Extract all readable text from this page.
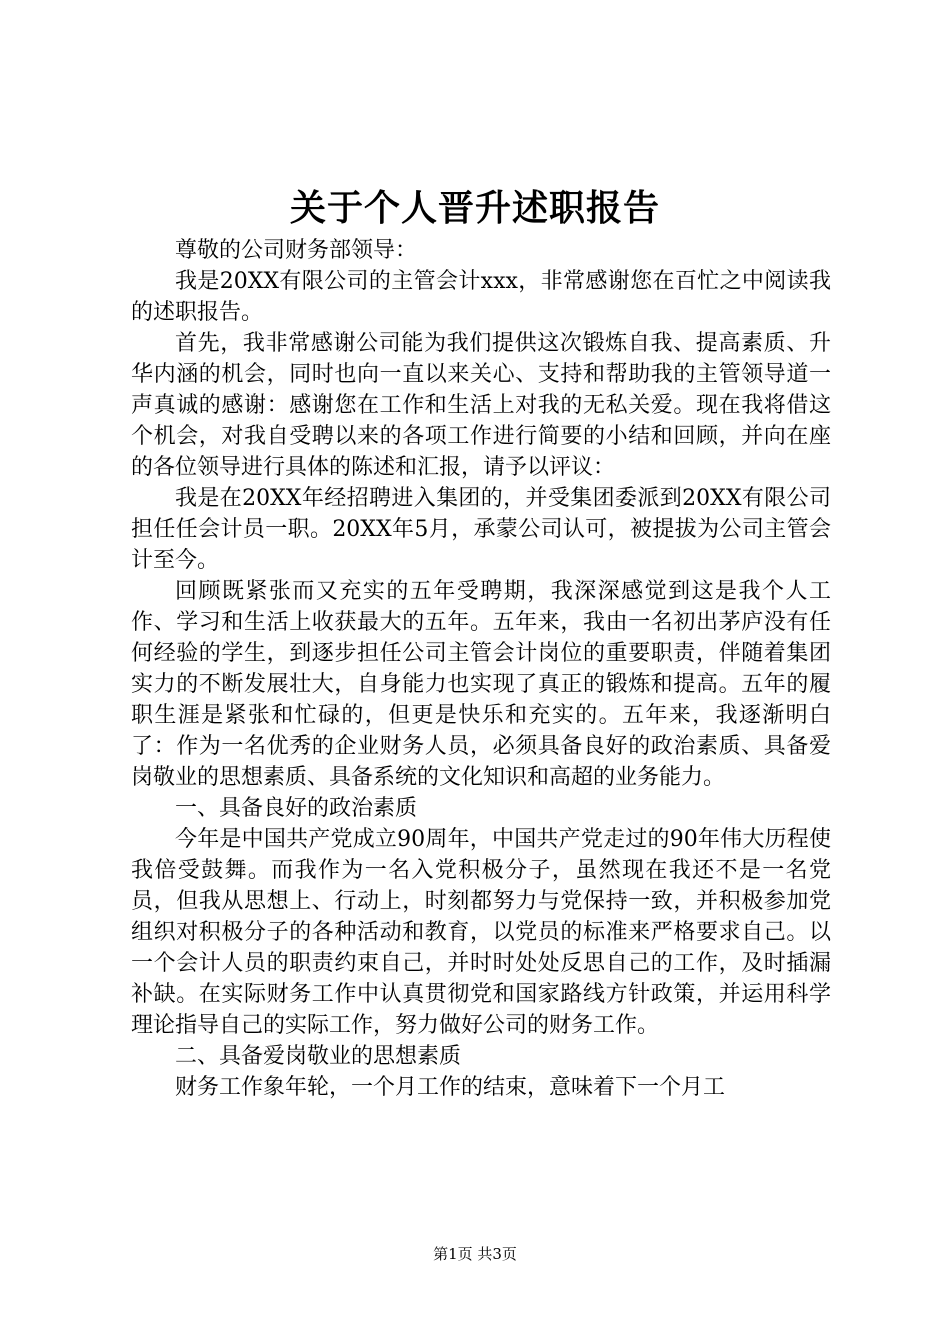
关于个人晋升述职报告

尊敬的公司财务部领导：

我是20XX有限公司的主管会计xxx，非常感谢您在百忙之中阅读我的述职报告。

首先，我非常感谢公司能为我们提供这次锻炼自我、提高素质、升华内涵的机会，同时也向一直以来关心、支持和帮助我的主管领导道一声真诚的感谢：感谢您在工作和生活上对我的无私关爱。现在我将借这个机会，对我自受聘以来的各项工作进行简要的小结和回顾，并向在座的各位领导进行具体的陈述和汇报，请予以评议：

我是在20XX年经招聘进入集团的，并受集团委派到20XX有限公司担任任会计员一职。20XX年5月，承蒙公司认可，被提拔为公司主管会计至今。

回顾既紧张而又充实的五年受聘期，我深深感觉到这是我个人工作、学习和生活上收获最大的五年。五年来，我由一名初出茅庐没有任何经验的学生，到逐步担任公司主管会计岗位的重要职责，伴随着集团实力的不断发展壮大，自身能力也实现了真正的锻炼和提高。五年的履职生涯是紧张和忙碌的，但更是快乐和充实的。五年来，我逐渐明白了：作为一名优秀的企业财务人员，必须具备良好的政治素质、具备爱岗敬业的思想素质、具备系统的文化知识和高超的业务能力。

一、具备良好的政治素质

今年是中国共产党成立90周年，中国共产党走过的90年伟大历程使我倍受鼓舞。而我作为一名入党积极分子，虽然现在我还不是一名党员，但我从思想上、行动上，时刻都努力与党保持一致，并积极参加党组织对积极分子的各种活动和教育，以党员的标准来严格要求自己。以一个会计人员的职责约束自己，并时时处处反思自己的工作，及时插漏补缺。在实际财务工作中认真贯彻党和国家路线方针政策，并运用科学理论指导自己的实际工作，努力做好公司的财务工作。

二、具备爱岗敬业的思想素质

财务工作象年轮，一个月工作的结束，意味着下一个月工

第1页 共3页
